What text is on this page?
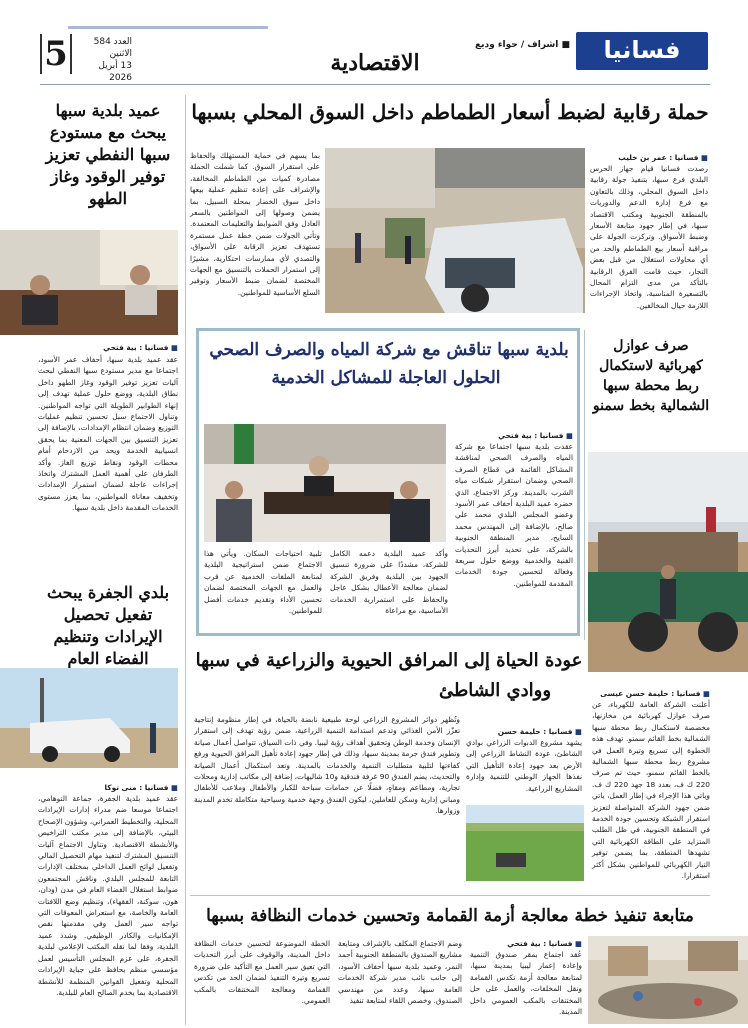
فسانيا
■ اشراف / حواء وديع
الاقتصادية
5	العدد 584
الاثنين
13 أبريل 2026
حملة رقابية لضبط أسعار الطماطم داخل السوق المحلي بسبها
■ فسانيا : عمر بن خليب
رصدت فسانيا قيام جهاز الحرس البلدي فرع سبها، بتنفيذ جولة رقابية داخل السوق المحلي، وذلك بالتعاون مع فرع إدارة الدعم والدوريات بالمنطقة الجنوبية ومكتب الاقتصاد سبها، في إطار جهود متابعة الأسعار وضبط الأسواق. وتركزت الجولة على مراقبة أسعار بيع الطماطم والحد من أي محاولات استغلال من قبل بعض التجار، حيث قامت الفرق الرقابية بالتأكد من مدى التزام المحال بالتسعيرة المناسبة، واتخاذ الإجراءات اللازمة حيال المخالفين.
بما يسهم في حماية المستهلك والحفاظ على استقرار السوق. كما شملت الحملة مصادرة كميات من الطماطم المخالفة، والإشراف على إعادة تنظيم عملية بيعها داخل سوق الخضار بمحلة السبيل، بما يضمن وصولها إلى المواطنين بالسعر العادل وفق الضوابط والتعليمات المعتمدة. وتأتي الجولات ضمن خطة عمل مستمرة تستهدف تعزيز الرقابة على الأسواق، والتصدي لأي ممارسات احتكارية، مشيرًا إلى استمرار الحملات بالتنسيق مع الجهات المختصة لضمان ضبط الأسعار وتوفير السلع الأساسية للمواطنين.
عميد بلدية سبها يبحث مع مستودع سبها النفطي تعزيز توفير الوقود وغاز الطهو
■ فسانيا : بية فتحي
عقد عميد بلدية سبها، أحفاف عمر الأسود، اجتماعا مع مدير مستودع سبها النفطي لبحث آليات تعزيز توفير الوقود وغاز الطهو داخل نطاق البلدية، ووضع حلول عملية تهدف إلى إنهاء الطوابير الطويلة التي تواجه المواطنين. وتناول الاجتماع سبل تحسين تنظيم عمليات التوزيع وضمان انتظام الإمدادات، بالإضافة إلى تعزيز التنسيق بين الجهات المعنية بما يحقق انسيابية الخدمة ويحد من الازدحام أمام محطات الوقود ونقاط توزيع الغاز. وأكد الطرفان على أهمية العمل المشترك واتخاذ إجراءات عاجلة لضمان استمرار الإمدادات وتخفيف معاناة المواطنين، بما يعزز مستوى الخدمات المقدمة داخل بلدية سبها.
بلدية سبها تناقش مع شركة المياه والصرف الصحي
الحلول العاجلة للمشاكل الخدمية
■ فسانيا : بية فتحي
عقدت بلدية سبها اجتماعا مع شركة المياه والصرف الصحي لمناقشة المشاكل القائمة في قطاع الصرف الصحي وضمان استقرار شبكات مياه الشرب بالمدينة. وركز الاجتماع، الذي حضره عميد البلدية أحفاف عمر الأسود وعضو المجلس البلدي محمد علي صالح، بالإضافة إلى المهندس محمد السايح، مدير المنطقة الجنوبية بالشركة، على تحديد أبرز التحديات الفنية والخدمية ووضع حلول سريعة وفعالة لتحسين جودة الخدمات المقدمة للمواطنين.
وأكد عميد البلدية دعمه الكامل للشركة، مشددًا على ضرورة تنسيق الجهود بين البلدية وفريق الشركة لضمان معالجة الأعطال بشكل عاجل والحفاظ على استمرارية الخدمات الأساسية، مع مراعاة
تلبية احتياجات السكان. ويأتي هذا الاجتماع ضمن استراتيجية البلدية لمتابعة الملفات الخدمية عن قرب والعمل مع الجهات المختصة لضمان تحسين الأداء وتقديم خدمات أفضل للمواطنين.
صرف عوازل كهربائية لاستكمال ربط محطة سبها الشمالية بخط سمنو
■ فسانيا : حليمة حسن عيسى
أعلنت الشركة العامة للكهرباء، عن صرف عوازل كهربائية من مخازنها، مخصصة لاستكمال ربط محطة سبها الشمالية بخط القائم سمنو. تهدف هذه الخطوة إلى تسريع وتيرة العمل في مشروع ربط محطة سبها الشمالية بالخط القائم سمنو، حيث تم صرف 220 ك ف، بعدد 18 جهد 220 ك ف. وياتي هذا الإجراء في إطار العمل، ياتي ضمن جهود الشركة المتواصلة لتعزيز استقرار الشبكة وتحسين جودة الخدمة في المنطقة الجنوبية، في ظل الطلب المتزايد على الطاقة الكهربائية التي تشهدها المنطقة، بما يضمن توفير التيار الكهربائي للمواطنين بشكل أكثر استقرارا.
بلدي الجفرة يبحث تفعيل تحصيل الإيرادات وتنظيم الفضاء العام
■ فسانيا : منى توكا
عقد عميد بلدية الجفرة، جماعة التوهامي، اجتماعا موسعا ضم مدراء إدارات الإيرادات المحلية، والتخطيط العمراني، وشؤون الإصحاح البيئي، بالإضافة إلى مدير مكتب التراخيص والأنشطة الاقتصادية. وتناول الاجتماع آليات التنسيق المشترك لتنفيذ مهام التحصيل المالي وتفعيل لوائح العمل الداخلي بمختلف الإدارات التابعة للمجلس البلدي. وناقش المجتمعون ضوابط استغلال الفضاء العام في مدن (ودان، هون، سوكنة، الفقهاء)، وتنظيم وضع اللافتات العامة والخاصة، مع استعراض المعوقات التي تواجه سير العمل وفي مقدمتها نقص الإمكانيات والكادر الوظيفي. وشدد عميد البلدية، وفقا لما نقله المكتب الإعلامي لبلدية الجفرة، على عزم المجلس التأسيس لعمل مؤسسي منظم يحافظ على جباية الإيرادات المحلية وتفعيل القوانين المنظمة للأنشطة الاقتصادية بما يخدم الصالح العام للبلدية.
عودة الحياة إلى المرافق الحيوية والزراعية في سبها
ووادي الشاطئ
■ فسانيا : حليمة حسن
يشهد مشروع الدبوات الزراعي بوادي الشاطئ، عودة النشاط الزراعي إلى الأرض بعد جهود إعادة التأهيل التي نفذها الجهاز الوطني للتنمية وإدارة المشاريع الزراعية.
وتُظهر دوائر المشروع الزراعي لوحة طبيعية نابضة بالحياة، في إطار منظومة إنتاجية تعزّز الأمن الغذائي وتدعم استدامة التنمية الزراعية، ضمن رؤية تهدف إلى استقرار الإنسان وخدمة الوطن وتحقيق أهداف رؤية ليبيا. وفي ذات السياق، تتواصل أعمال صيانة وتطوير فندق جرمة بمدينة سبها، وذلك في إطار جهود إعادة تأهيل المرافق الحيوية ورفع كفاءتها لتلبية متطلبات التنمية والخدمات بالمدينة. وتعد استكمال أعمال الصيانة والتحديث، يضم الفندق 90 غرفة فندقية و10 شاليهات، إضافة إلى مكاتب إدارية ومحلات تجارية، ومطاعم ومقاهٍ، فضلًا عن حمامات سباحة للكبار والأطفال وملاعب للأطفال ومباني إدارية وسكن للعاملين، ليكون الفندق وجهة خدمية وسياحية متكاملة تخدم المدينة وزوارها.
متابعة تنفيذ خطة معالجة أزمة القمامة وتحسين خدمات النظافة بسبها
■ فسانيا : بية فتحي
عُقد اجتماع بمقر صندوق التنمية وإعادة إعمار ليبيا بمدينة سبها، لمتابعة معالجة أزمة تكدس القمامة ونقل المخلفات، والعمل على حل المختنقات بالمكب العمومي داخل المدينة.
وضم الاجتماع المكلف بالإشراف ومتابعة مشاريع الصندوق بالمنطقة الجنوبية أحمد النمر، وعميد بلدية سبها أحفاف الأسود، إلى جانب نائب مدير شركة الخدمات العامة سبها، وعدد من مهندسي الصندوق. وخصص اللقاء لمتابعة تنفيذ
الخطة الموضوعة لتحسين خدمات النظافة داخل المدينة، والوقوف على أبرز التحديات التي تعيق سير العمل مع التأكيد على ضرورة تسريع وتيرة التنفيذ لضمان الحد من تكدس القمامة ومعالجة المختنقات بالمكب العمومي.
